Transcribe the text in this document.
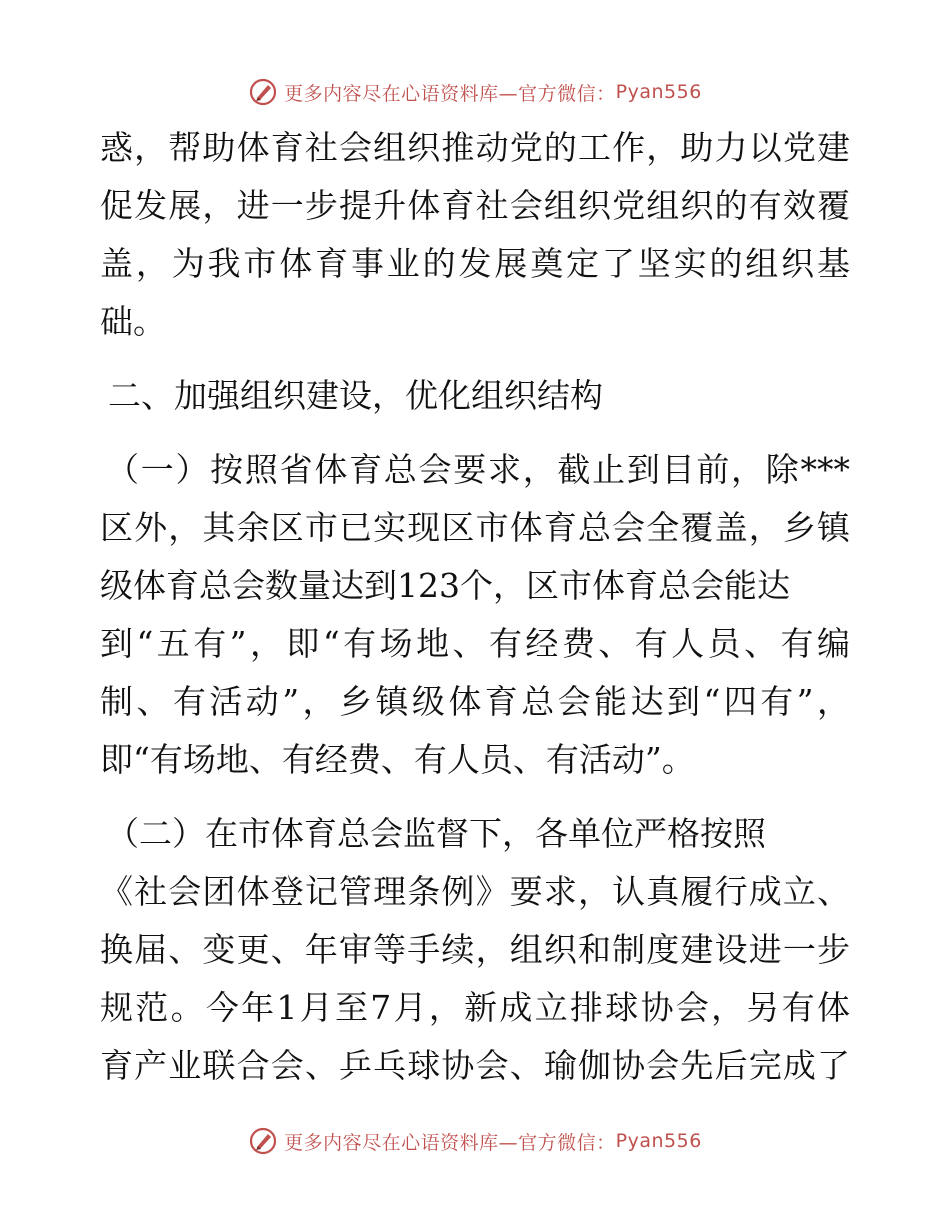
更多内容尽在心语资料库—官方微信： Pyan556
惑，帮助体育社会组织推动党的工作，助力以党建
促发展，进一步提升体育社会组织党组织的有效覆
盖，为我市体育事业的发展奠定了坚实的组织基
础。
二、加强组织建设，优化组织结构
（一）按照省体育总会要求，截止到目前，除***
区外，其余区市已实现区市体育总会全覆盖，乡镇
级体育总会数量达到123个，区市体育总会能达
到“五有”，即“有场地、有经费、有人员、有编
制、有活动”，乡镇级体育总会能达到“四有”，
即“有场地、有经费、有人员、有活动”。
（二）在市体育总会监督下，各单位严格按照
《社会团体登记管理条例》要求，认真履行成立、
换届、变更、年审等手续，组织和制度建设进一步
规范。今年1月至7月，新成立排球协会，另有体
育产业联合会、乒乓球协会、瑜伽协会先后完成了
更多内容尽在心语资料库—官方微信： Pyan556
